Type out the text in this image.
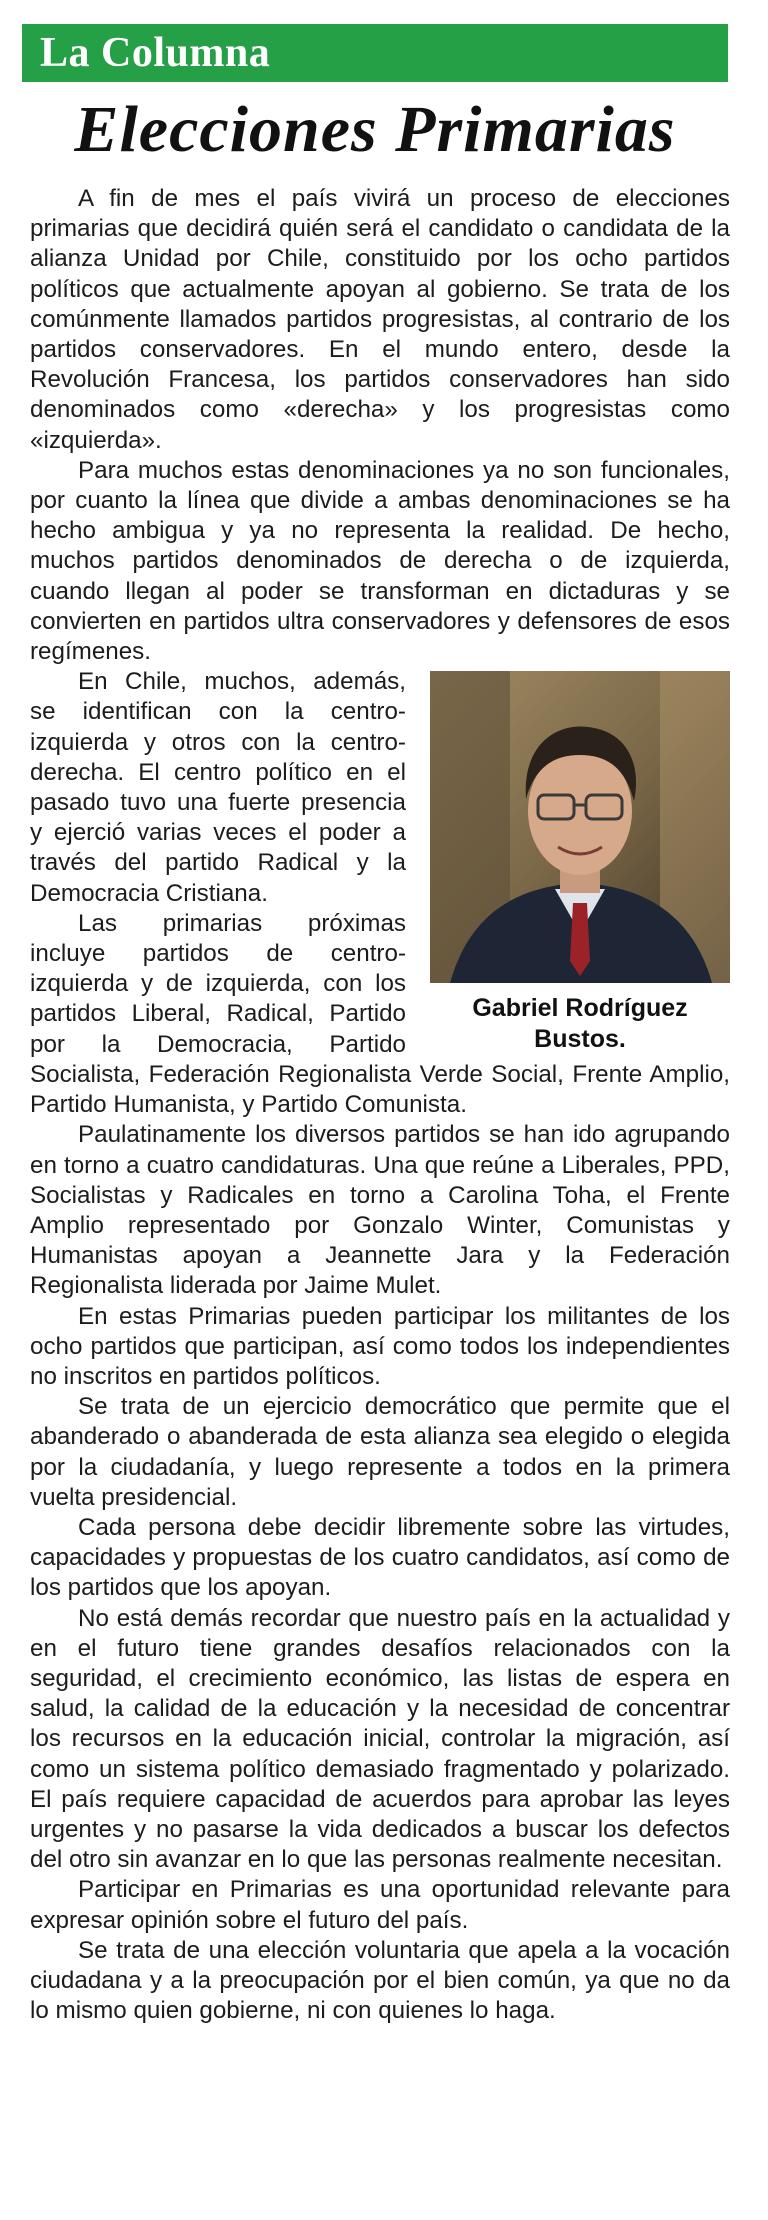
La Columna
Elecciones Primarias

A fin de mes el país vivirá un proceso de elecciones primarias que decidirá quién será el candidato o candidata de la alianza Unidad por Chile, constituido por los ocho partidos políticos que actualmente apoyan al gobierno. Se trata de los comúnmente llamados partidos progresistas, al contrario de los partidos conservadores. En el mundo entero, desde la Revolución Francesa, los partidos conservadores han sido denominados como «derecha» y los progresistas como «izquierda».

Para muchos estas denominaciones ya no son funcionales, por cuanto la línea que divide a ambas denominaciones se ha hecho ambigua y ya no representa la realidad. De hecho, muchos partidos denominados de derecha o de izquierda, cuando llegan al poder se transforman en dictaduras y se convierten en partidos ultra conservadores y defensores de esos regímenes.

Gabriel Rodríguez
Bustos.

En Chile, muchos, además, se identifican con la centro-izquierda y otros con la centro-derecha. El centro político en el pasado tuvo una fuerte presencia y ejerció varias veces el poder a través del partido Radical y la Democracia Cristiana.

Las primarias próximas incluye partidos de centro-izquierda y de izquierda, con los partidos Liberal, Radical, Partido por la Democracia, Partido Socialista, Federación Regionalista Verde Social, Frente Amplio, Partido Humanista, y Partido Comunista.

Paulatinamente los diversos partidos se han ido agrupando en torno a cuatro candidaturas. Una que reúne a Liberales, PPD, Socialistas y Radicales en torno a Carolina Toha, el Frente Amplio representado por Gonzalo Winter, Comunistas y Humanistas apoyan a Jeannette Jara y la Federación Regionalista liderada por Jaime Mulet.

En estas Primarias pueden participar los militantes de los ocho partidos que participan, así como todos los independientes no inscritos en partidos políticos.

Se trata de un ejercicio democrático que permite que el abanderado o abanderada de esta alianza sea elegido o elegida por la ciudadanía, y luego represente a todos en la primera vuelta presidencial.

Cada persona debe decidir libremente sobre las virtudes, capacidades y propuestas de los cuatro candidatos, así como de los partidos que los apoyan.

No está demás recordar que nuestro país en la actualidad y en el futuro tiene grandes desafíos relacionados con la seguridad, el crecimiento económico, las listas de espera en salud, la calidad de la educación y la necesidad de concentrar los recursos en la educación inicial, controlar la migración, así como un sistema político demasiado fragmentado y polarizado. El país requiere capacidad de acuerdos para aprobar las leyes urgentes y no pasarse la vida dedicados a buscar los defectos del otro sin avanzar en lo que las personas realmente necesitan.

Participar en Primarias es una oportunidad relevante para expresar opinión sobre el futuro del país.

Se trata de una elección voluntaria que apela a la vocación ciudadana y a la preocupación por el bien común, ya que no da lo mismo quien gobierne, ni con quienes lo haga.
